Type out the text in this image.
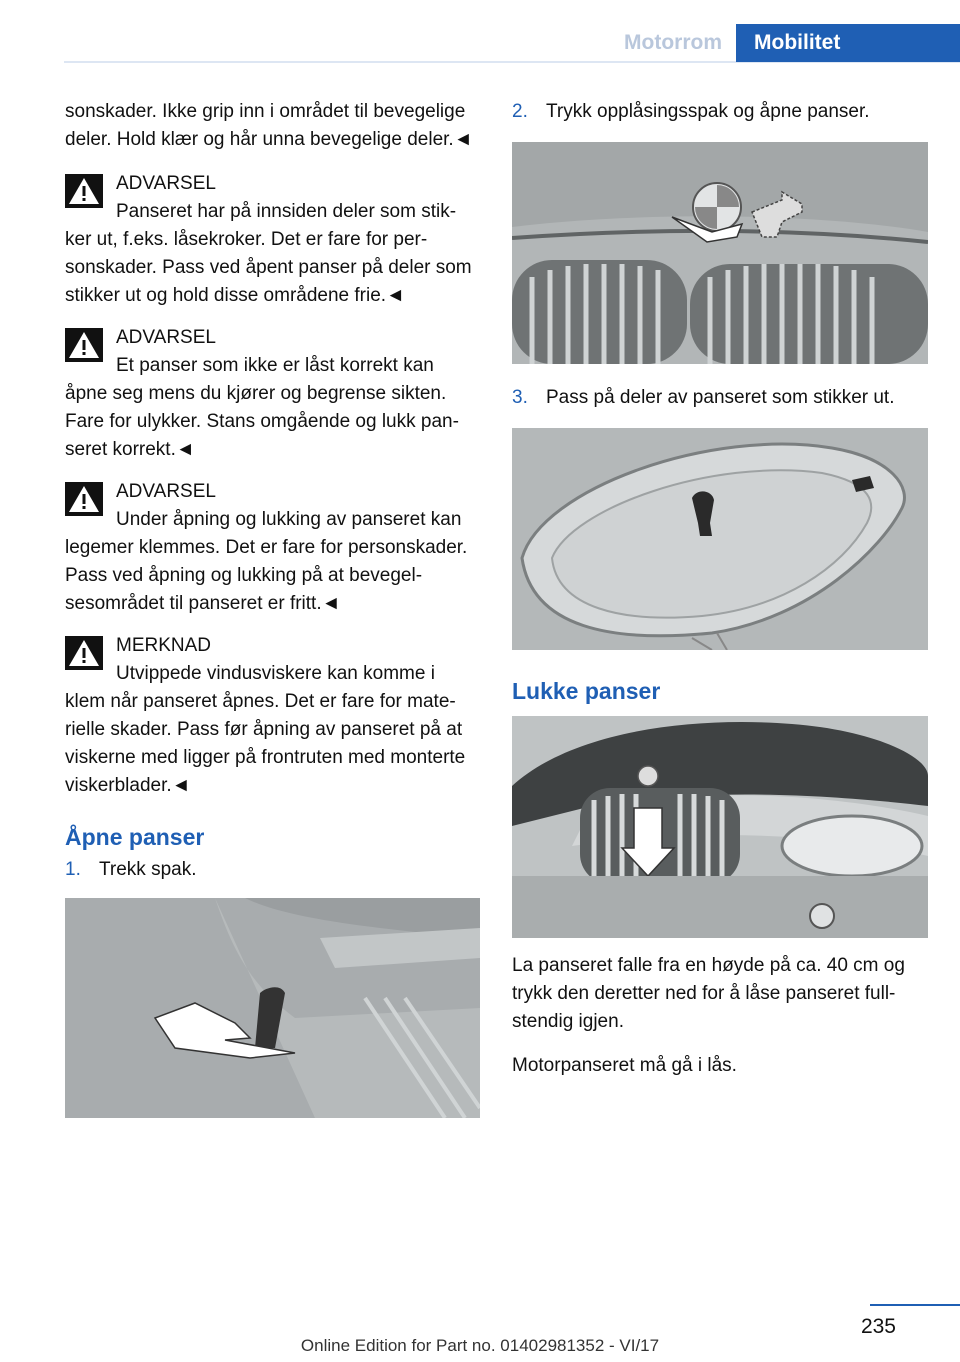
Motorrom	Mobilitet

sonskader. Ikke grip inn i området til bevegelige deler. Hold klær og hår unna bevegelige deler.◄

ADVARSEL

Panseret har på innsiden deler som stik-

ker ut, f.eks. låsekroker. Det er fare for personskader. Pass ved åpent panser på deler som stikker ut og hold disse områdene frie.◄

ADVARSEL

Et panser som ikke er låst korrekt kan

åpne seg mens du kjører og begrense sikten. Fare for ulykker. Stans omgående og lukk panseret korrekt.◄

ADVARSEL

Under åpning og lukking av panseret kan

legemer klemmes. Det er fare for personskader. Pass ved åpning og lukking på at bevegelsesområdet til panseret er fritt.◄

MERKNAD

Utvippede vindusviskere kan komme i

klem når panseret åpnes. Det er fare for materielle skader. Pass før åpning av panseret på at viskerne med ligger på frontruten med monterte viskerblader.◄

Åpne panser
1. Trekk spak.
2. Trykk opplåsingsspak og åpne panser.
3. Pass på deler av panseret som stikker ut.
Lukke panser

La panseret falle fra en høyde på ca. 40 cm og trykk den deretter ned for å låse panseret fullstendig igjen.

Motorpanseret må gå i lås.

235
Online Edition for Part no. 01402981352 - VI/17
